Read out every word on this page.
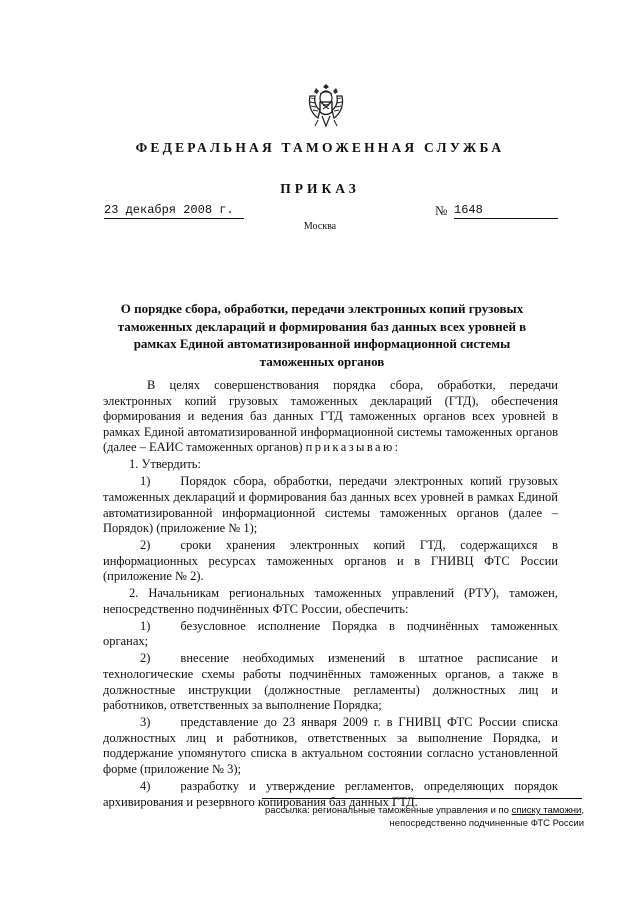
ФЕДЕРАЛЬНАЯ ТАМОЖЕННАЯ СЛУЖБА
ПРИКАЗ
23 декабря 2008 г.	№ 1648
Москва
О порядке сбора, обработки, передачи электронных копий грузовых таможенных деклараций и формирования баз данных всех уровней в рамках Единой автоматизированной информационной системы таможенных органов

В целях совершенствования порядка сбора, обработки, передачи электронных копий грузовых таможенных деклараций (ГТД), обеспечения формирования и ведения баз данных ГТД таможенных органов всех уровней в рамках Единой автоматизированной информационной системы таможенных органов (далее – ЕАИС таможенных органов) приказываю:

1. Утвердить:

1) Порядок сбора, обработки, передачи электронных копий грузовых таможенных деклараций и формирования баз данных всех уровней в рамках Единой автоматизированной информационной системы таможенных органов (далее – Порядок) (приложение № 1);

2) сроки хранения электронных копий ГТД, содержащихся в информационных ресурсах таможенных органов и в ГНИВЦ ФТС России (приложение № 2).

2. Начальникам региональных таможенных управлений (РТУ), таможен, непосредственно подчинённых ФТС России, обеспечить:

1) безусловное исполнение Порядка в подчинённых таможенных органах;

2) внесение необходимых изменений в штатное расписание и технологические схемы работы подчинённых таможенных органов, а также в должностные инструкции (должностные регламенты) должностных лиц и работников, ответственных за выполнение Порядка;

3) представление до 23 января 2009 г. в ГНИВЦ ФТС России списка должностных лиц и работников, ответственных за выполнение Порядка, и поддержание упомянутого списка в актуальном состоянии согласно установленной форме (приложение № 3);

4) разработку и утверждение регламентов, определяющих порядок архивирования и резервного копирования баз данных ГТД.

рассылка: региональные таможенные управления и по списку таможни,
непосредственно подчиненные ФТС России
